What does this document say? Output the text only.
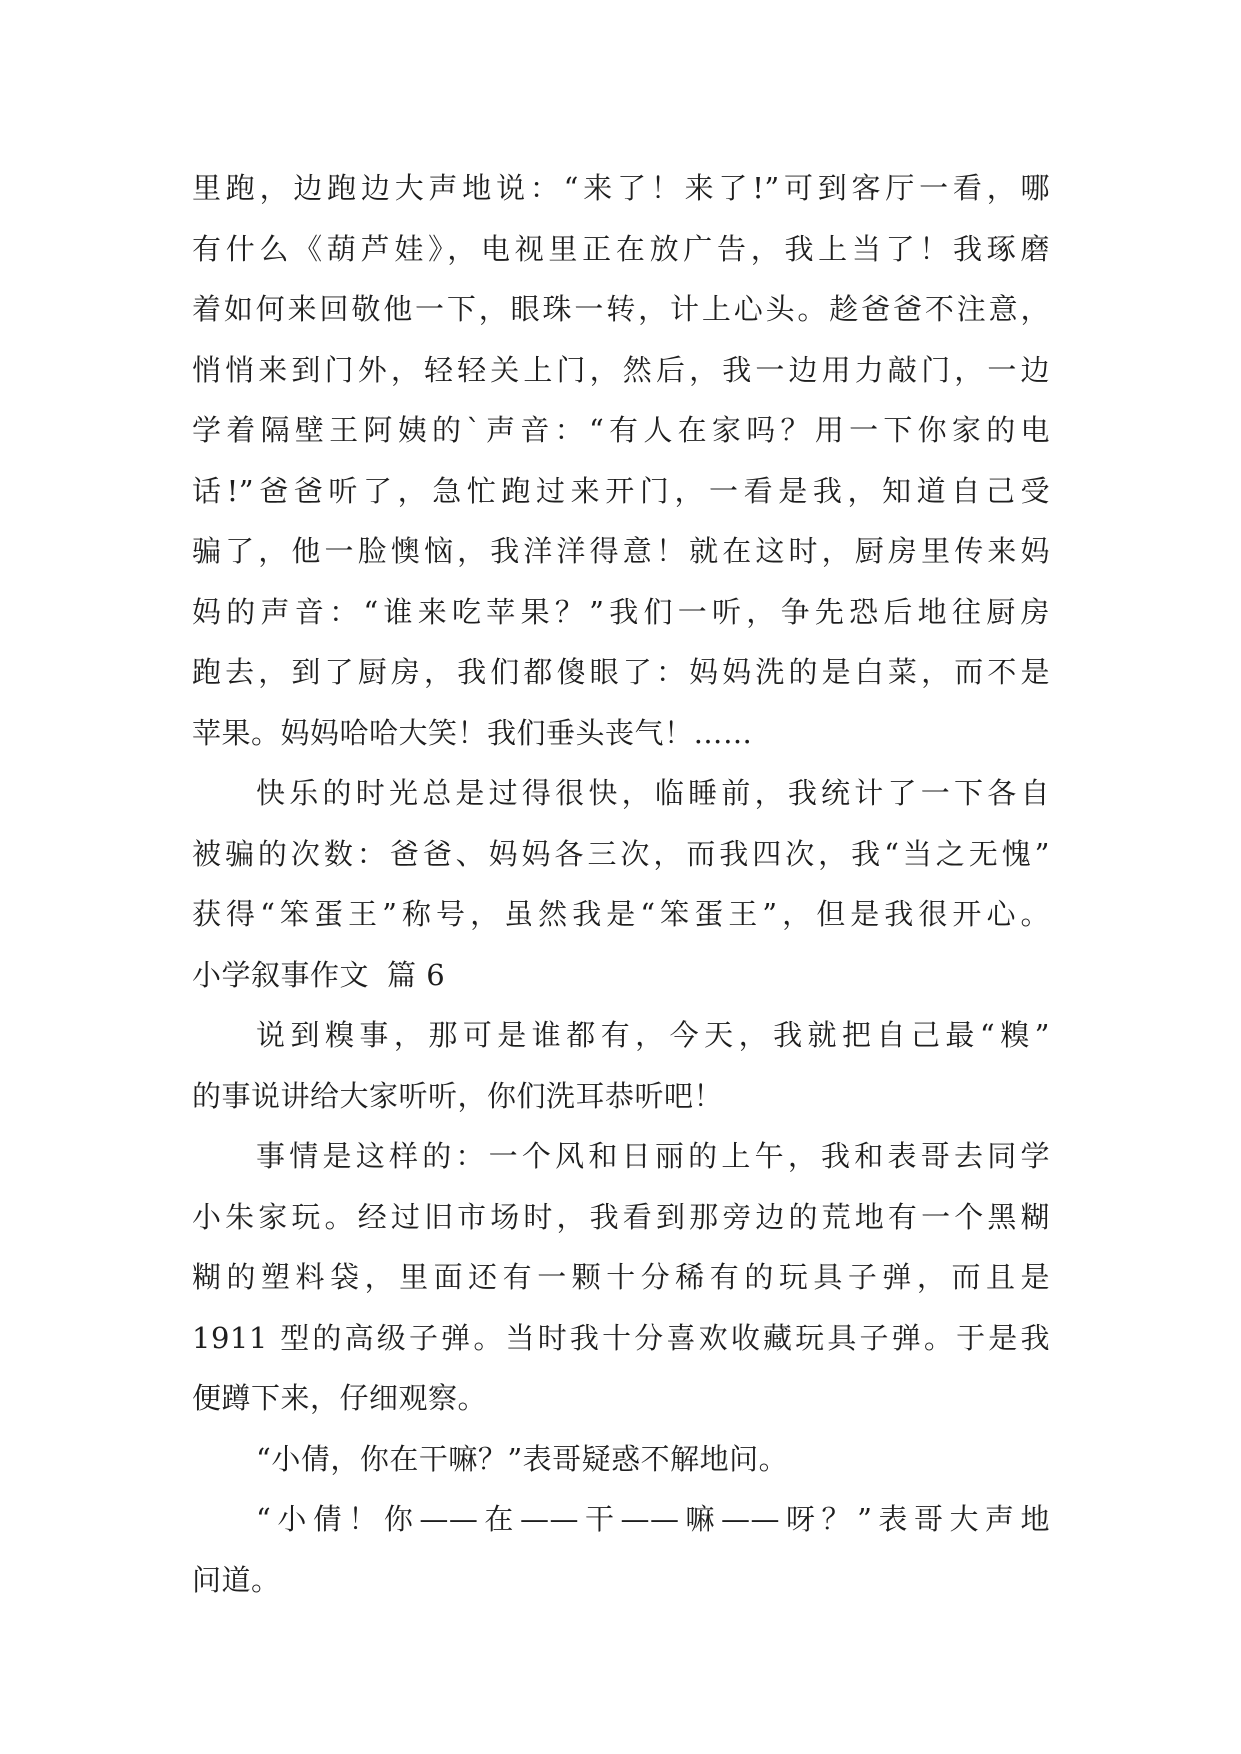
里跑，边跑边大声地说：“来了！来了!”可到客厅一看，哪
有什么《葫芦娃》，电视里正在放广告，我上当了！我琢磨
着如何来回敬他一下，眼珠一转，计上心头。趁爸爸不注意，
悄悄来到门外，轻轻关上门，然后，我一边用力敲门，一边
学着隔壁王阿姨的`声音：“有人在家吗？用一下你家的电
话!”爸爸听了，急忙跑过来开门，一看是我，知道自己受
骗了，他一脸懊恼，我洋洋得意！就在这时，厨房里传来妈
妈的声音：“谁来吃苹果？”我们一听，争先恐后地往厨房
跑去，到了厨房，我们都傻眼了：妈妈洗的是白菜，而不是
苹果。妈妈哈哈大笑！我们垂头丧气！……
快乐的时光总是过得很快，临睡前，我统计了一下各自
被骗的次数：爸爸、妈妈各三次，而我四次，我“当之无愧”
获得“笨蛋王”称号，虽然我是“笨蛋王”，但是我很开心。
小学叙事作文 篇 6
说到糗事，那可是谁都有，今天，我就把自己最“糗”
的事说讲给大家听听，你们洗耳恭听吧！
事情是这样的：一个风和日丽的上午，我和表哥去同学
小朱家玩。经过旧市场时，我看到那旁边的荒地有一个黑糊
糊的塑料袋，里面还有一颗十分稀有的玩具子弹，而且是
1911 型的高级子弹。当时我十分喜欢收藏玩具子弹。于是我
便蹲下来，仔细观察。
“小倩，你在干嘛？”表哥疑惑不解地问。
“小倩！你——在——干——嘛——呀？”表哥大声地
问道。
